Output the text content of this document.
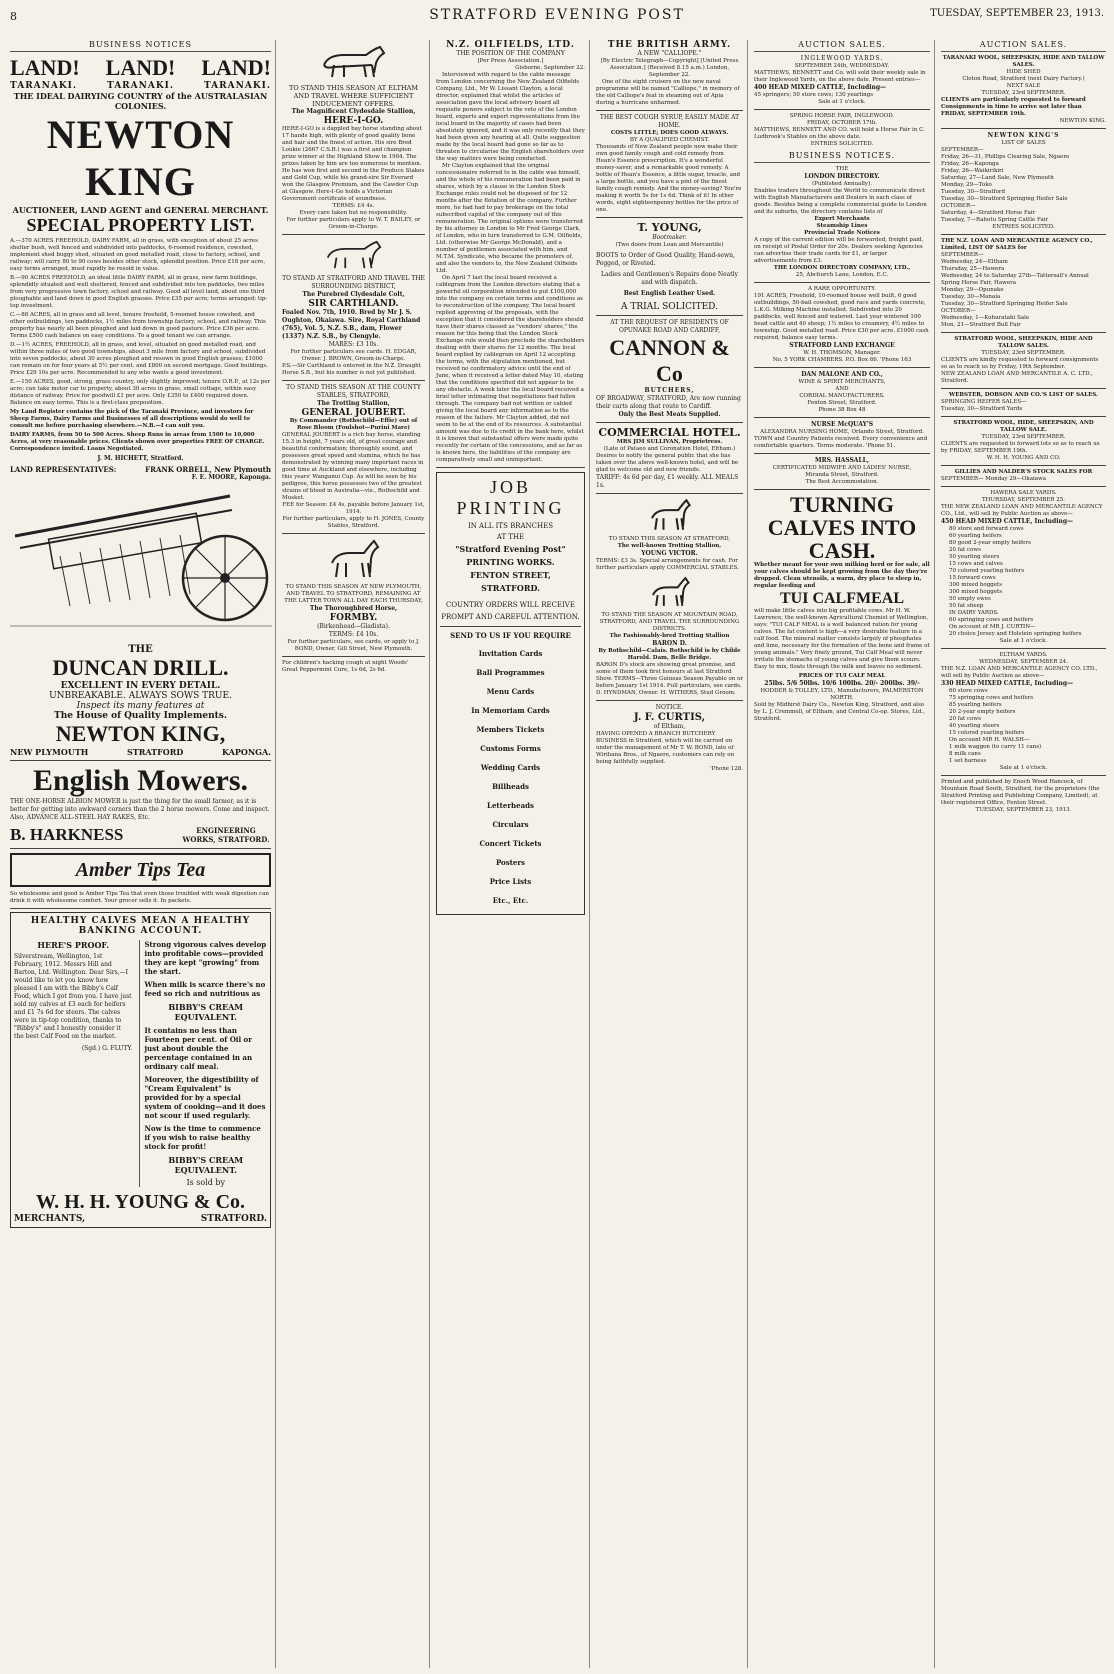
8	STRATFORD EVENING POST	TUESDAY, SEPTEMBER 23, 1913.
BUSINESS NOTICES
LAND! LAND! LAND!
TARANAKI.	TARANAKI.	TARANAKI.
THE IDEAL DAIRYING COUNTRY of the AUSTRALASIAN COLONIES.
NEWTON KING
AUCTIONEER, LAND AGENT and GENERAL MERCHANT.
SPECIAL PROPERTY LIST.

A.—370 ACRES FREEHOLD, DAIRY FARM, all in grass, with exception of about 25 acres shelter bush, well fenced and subdivided into paddocks, 6-roomed residence, cowshed, implement shed buggy shed, situated on good metalled road, close to factory, school, and railway; will carry 80 to 90 cows besides other stock, splendid position. Price £18 per acre, easy terms arranged, must rapidly be resold in value.

B.—90 ACRES FREEHOLD, an ideal little DAIRY FARM, all in grass, new farm buildings, splendidly situated and well sheltered, fenced and subdivided into ten paddocks, two miles from very progressive town factory, school and railway. Good all level land, about one third ploughable and land down in good English grasses. Price £35 per acre; terms arranged; tip-top investment.

C.—88 ACRES, all in grass and all level, tenure freehold, 5-roomed house cowshed, and other outbuildings, ten paddocks, 1½ miles from township factory, school, and railway. This property has nearly all been ploughed and laid down in good pasture. Price £36 per acre. Terms £500 cash balance on easy conditions. To a good tenant we can arrange.

D.—1½ ACRES, FREEHOLD, all in grass, and level, situated on good metalled road, and within three miles of two good townships, about 3 mile from factory and school, subdivided into seven paddocks, about 30 acres ploughed and resown in good English grasses; £1000 can remain on for four years at 5½ per cent. and £800 on second mortgage. Good buildings. Price £29 10s per acre. Recommended to any who wants a good investment.

E.—150 ACRES, good, strong, grass country, only slightly improved; tenure O.R.P., at 12s per acre; can take motor car to property, about 30 acres in grass, small cottage, within easy distance of railway. Price for goodwill £1 per acre. Only £350 to £400 required down. Balance on easy terms. This is a first-class proposition.

My Land Register contains the pick of the Taranaki Province, and investors for Sheep Farms, Dairy Farms and Businesses of all descriptions would do well to consult me before purchasing elsewhere.—N.B.—I can suit you.

DAIRY FARMS, from 50 to 500 Acres. Sheep Runs in areas from 1500 to 10,000 Acres, at very reasonable prices. Clients shown over properties FREE OF CHARGE. Correspondence invited. Loans Negotiated.

J. M. HICHETT, Stratford.
LAND REPRESENTATIVES:	FRANK ORBELL, New Plymouth
F. E. MOORE, Kaponga.
THE
DUNCAN DRILL.
EXCELLENT IN EVERY DETAIL.
UNBREAKABLE. ALWAYS SOWS TRUE.
Inspect its many features at
The House of Quality Implements.
NEWTON KING,
NEW PLYMOUTH	STRATFORD	KAPONGA.
English Mowers.
THE ONE-HORSE ALBION MOWER is just the thing for the small farmer, as it is better for getting into awkward corners than the 2 horse mowers. Come and inspect. Also, ADVANCE ALL-STEEL HAY RAKES, Etc.
B. HARKNESS	ENGINEERING WORKS, STRATFORD.
Amber Tips Tea
So wholesome and good is Amber Tips Tea that even those troubled with weak digestion can drink it with wholesome comfort. Your grocer sells it. In packets.
HEALTHY CALVES MEAN A HEALTHY BANKING ACCOUNT.
HERE'S PROOF.

Silverstream, Wellington, 1st February, 1912. Messrs Hill and Barton, Ltd. Wellington. Dear Sirs,—I would like to let you know how pleased I am with the Bibby's Calf Food, which I got from you. I have just sold my calves at £3 each for heifers and £1 7s 6d for steers. The calves were in tip-top condition, thanks to "Bibby's" and I honestly consider it the best Calf Food on the market.

(Sgd.) G. FLUTY.

Strong vigorous calves develop into profitable cows—provided they are kept "growing" from the start.

When milk is scarce there's no feed so rich and nutritious as

BIBBY'S CREAM EQUIVALENT.

It contains no less than Fourteen per cent. of Oil or just about double the percentage contained in an ordinary calf meal.

Moreover, the digestibility of "Cream Equivalent" is provided for by a special system of cooking—and it does not scour if used regularly.

Now is the time to commence if you wish to raise healthy stock for profit!

BIBBY'S CREAM EQUIVALENT.

Is sold by

W. H. H. YOUNG & Co.
MERCHANTS,	STRATFORD.
TO STAND THIS SEASON AT ELTHAM AND TRAVEL WHERE SUFFICIENT INDUCEMENT OFFERS.
The Magnificent Clydesdale Stallion,
HERE-I-GO.

HERE-I-GO is a dappled bay horse standing about 17 hands high, with plenty of good quality bone and hair and the finest of action. His sire Bred Loukie (2667 C.S.B.) was a first and champion prize winner at the Highland Show in 1904. The prizes taken by him are too numerous to mention. He has won first and second in the Produce Stakes and Gold Cup, while his grand-sire Sir Everard won the Glasgow Premium, and the Cawdor Cup at Glasgow. Here-I-Go holds a Victorian Government certificate of soundness.

TERMS: £4 4s.

Every care taken but no responsibility.

For further particulars apply to W. T. BAILEY, or Groom-in-Charge.

TO STAND AT STRATFORD AND TRAVEL THE SURROUNDING DISTRICT,
The Purebred Clydesdale Colt,
SIR CARTHLAND.

Foaled Nov. 7th, 1910. Bred by Mr J. S. Oughton, Okaiawa. Sire, Royal Carthland (765), Vol. 5, N.Z. S.B., dam, Flower (1337) N.Z. S.B., by Clengyle.

MARES: £3 10s.

For further particulars see cards. H. EDGAR, Owner. J. BROWN, Groom-in-Charge.

P.S.—Sir Carthland is entered in the N.Z. Draught Horse S.B., but his number is not yet published.

TO STAND THIS SEASON AT THE COUNTY STABLES, STRATFORD,
The Trotting Stallion,
GENERAL JOUBERT.

By Commander (Rothschild—Effie) out of Rose Bloom (Foulshot—Purini Mare)

GENERAL JOUBERT is a rich bay horse, standing 15.3 in height, 7 years old, of great courage and beautiful conformation; thoroughly sound, and possesses great speed and stamina, which he has demonstrated by winning many important races in good time at Auckland and elsewhere, including this years' Wanganui Cup. As will be seen by his pedigree, this horse possesses two of the greatest strains of blood in Australia—viz., Rothschild and Musket.

FEE for Season: £4 4s, payable before January 1st, 1914.

For further particulars, apply to H. JONES, County Stables, Stratford.

TO STAND THIS SEASON AT NEW PLYMOUTH, AND TRAVEL TO STRATFORD, REMAINING AT THE LATTER TOWN ALL DAY EACH THURSDAY,
The Thoroughbred Horse,
FORMBY.

(Birkenhead—Gladista).

TERMS: £4 10s.

For further particulars, see cards, or apply to J. BOND, Owner, Gill Street, New Plymouth.

For children's hacking cough at night Woods' Great Peppermint Cure, 1s 6d, 2s 6d.

N.Z. OILFIELDS, LTD.
THE POSITION OF THE COMPANY
[Per Press Association.]
Gisborne, September 22.

Interviewed with regard to the cable message from London concerning the New Zealand Oilfields Company, Ltd., Mr W. Lissant Clayton, a local director, explained that whilst the articles of association gave the local advisory board all requisite powers subject to the veto of the London board, experts and expert representations from the local board in the majority of cases had been absolutely ignored, and it was only recently that they had been given any hearing at all. Quite suggestion made by the local board had gone so far as to threaten to circularise the English shareholders over the way matters were being conducted.

Mr Clayton explained that the original concessionaire referred to in the cable was himself, and the whole of his remuneration had been paid in shares, which by a clause in the London Stock Exchange rules could not be disposed of for 12 months after the flotation of the company. Further more, he had had to pay brokerage on the total subscribed capital of the company out of this remuneration. The original options were transferred by his attorney in London to Mr Fred George Clark, of London, who in turn transferred to G.M. Oilfields, Ltd. (otherwise Mr George McDonald), and a number of gentlemen associated with him, and M.T.M. Syndicate, who became the promoters of, and also the vendors to, the New Zealand Oilfields Ltd.

On April 7 last the local board received a cablegram from the London directors stating that a powerful oil corporation intended to put £100,000 into the company on certain terms and conditions as to reconstruction of the company. The local board replied approving of the proposals, with the exception that it considered the shareholders should have their shares classed as "vendors' shares," the reason for this being that the London Stock Exchange rule would then preclude the shareholders dealing with their shares for 12 months. The local board replied by cablegram on April 12 accepting the terms, with the stipulation mentioned, but received no confirmatory advice until the end of June, when it received a letter dated May 10, stating that the conditions specified did not appear to be any obstacle. A week later the local board received a brief letter intimating that negotiations had fallen through. The company had not written or cabled giving the local board any information as to the reason of the failure. Mr Clayton added, did not seem to be at the end of its resources. A substantial amount was due to its credit in the bank here, whilst it is known that substantial offers were made quite recently for certain of the concessions, and as far as is known here, the liabilities of the company are comparatively small and unimportant.

JOB
PRINTING
IN ALL ITS BRANCHES
AT THE
"Stratford Evening Post"
PRINTING WORKS.
FENTON STREET,
STRATFORD.
COUNTRY ORDERS WILL RECEIVE PROMPT AND CAREFUL ATTENTION.
SEND TO US IF YOU REQUIRE
Invitation Cards
Ball Programmes
Menu Cards
In Memoriam Cards
Members Tickets
Customs Forms
Wedding Cards
Billheads
Letterheads
Circulars
Concert Tickets
Posters
Price Lists
Etc., Etc.
THE BRITISH ARMY.
A NEW "CALLIOPE."

[By Electric Telegraph—Copyright] [United Press Association.] (Received 8.15 a.m.) London, September 22.

One of the eight cruisers on the new naval programme will be named "Calliope," in memory of the old Calliope's feat in steaming out of Apia during a hurricane unharmed.

THE BEST COUGH SYRUP, EASILY MADE AT HOME.
COSTS LITTLE; DOES GOOD ALWAYS.
BY A QUALIFIED CHEMIST.

Thousands of New Zealand people now make their own good family cough and cold remedy from Hean's Essence prescription. It's a wonderful money-saver, and a remarkable good remedy. A bottle of Hean's Essence, a little sugar, treacle, and a large bottle, and you have a pint of the finest family cough remedy. And the money-saving? You're making it worth 5s for 1s 6d. Think of it! In other words, eight eighteenpenny bottles for the price of one.

T. YOUNG,
Bootmaker.
(Two doors from Loan and Mercantile)

BOOTS to Order of Good Quality, Hand-sewn, Pegged, or Riveted.

Ladies and Gentlemen's Repairs done Neatly and with dispatch.

Best English Leather Used.

A TRIAL SOLICITED.

AT THE REQUEST OF RESIDENTS OF OPUNAKE ROAD AND CARDIFF,
CANNON & Co
BUTCHERS,

OF BROADWAY, STRATFORD, Are now running their carts along that route to Cardiff.

Only the Best Meats Supplied.

COMMERCIAL HOTEL.
MRS JIM SULLIVAN, Proprietress.
(Late of Pataeo and Coronation Hotel, Eltham.)

Desires to notify the general public that she has taken over the above well-known hotel, and will be glad to welcome old and new friends.

TARIFF: 4s 6d per day, £1 weekly. ALL MEALS 1s.

TO STAND THIS SEASON AT STRATFORD,
The well-known Trotting Stallion,
YOUNG VICTOR.

TERMS: £3 3s. Special arrangements for cash. For further particulars apply COMMERCIAL STABLES.

TO STAND THE SEASON AT MOUNTAIN ROAD, STRATFORD, AND TRAVEL THE SURROUNDING DISTRICTS.
The Fashionably-bred Trotting Stallion
BARON D.

By Rothschild—Calais. Rothschild is by Childe Harold. Dam, Belle Bridge.

BARON D's stock are showing great promise, and some of them took first honours at last Stratford Show. TERMS—Three Guineas Season Payable on or before January 1st 1914. Full particulars, see cards. D. HYNDMAN, Owner. H. WITHERS, Stud Groom.

NOTICE.
J. F. CURTIS,
of Eltham,

HAVING OPENED A BRANCH BUTCHERY BUSINESS in Stratford, which will be carried on under the management of Mr T. W. BOND, late of Wirihana Bros., of Ngaere, customers can rely on being faithfully supplied.

'Phone 128.

AUCTION SALES.
INGLEWOOD YARDS.
SEPTEMBER 24th, WEDNESDAY.

MATTHEWS, BENNETT and Co. will sold their weekly sale in their Inglewood Yards, on the above date. Present entries—

400 HEAD MIXED CATTLE, Including—

45 springers; 50 store cows; 130 yearlings

Sale at 1 o'clock.

SPRING HORSE FAIR, INGLEWOOD.
FRIDAY, OCTOBER 17th.

MATTHEWS, BENNETT AND CO. will hold a Horse Fair in C. Ludbrook's Stables on the above date.

ENTRIES SOLICITED.

BUSINESS NOTICES.
THE
LONDON DIRECTORY.
(Published Annually).

Enables traders throughout the World to communicate direct with English Manufacturers and Dealers in each class of goods. Besides being a complete commercial guide to London and its suburbs, the directory contains lists of

Expert Merchants

Steamship Lines

Provincial Trade Notices

A copy of the current edition will be forwarded, freight paid, on receipt of Postal Order for 20s. Dealers seeking Agencies can advertise their trade cards for £1, or larger advertisements from £3.

THE LONDON DIRECTORY COMPANY, LTD.,

25, Abchurch Lane, London, E.C.

A RARE OPPORTUNITY.

191 ACRES, Freehold, 10-roomed house well built, 6 good outbuildings, 50-bail cowshed, good race and yards concrete, L.K.G. Milking Machine installed. Subdivided into 20 paddocks, well fenced and watered. Last year wintered 100 head cattle and 40 sheep; 1½ miles to creamery, 4½ miles to township. Good metalled road. Price £30 per acre. £1000 cash required, balance easy terms.

STRATFORD LAND EXCHANGE

W. H. THOMSON, Manager.

No. 5 YORK CHAMBERS. P.O. Box 86. 'Phone 163

DAN MALONE AND CO.,
WINE & SPIRIT MERCHANTS,
AND
CORDIAL MANUFACTURERS.
Fenton Street, Stratford.
Phone 38 Box 48
NURSE McQUAY'S
ALEXANDRA NURSING HOME, Orlando Street, Stratford.

TOWN and Country Patients received. Every convenience and comfortable quarters. Terms moderate. 'Phone 51.

MRS. HASSALL,
CERTIFICATED MIDWIFE AND LADIES' NURSE,
Miranda Street, Stratford.
The Best Accommodation.
TURNING CALVES INTO CASH.

Whether meant for your own milking herd or for sale, all your calves should be kept growing from the day they're dropped. Clean utensils, a warm, dry place to sleep in, regular feeding and

TUI CALFMEAL

will make little calves into big profitable cows. Mr H. W. Lawrence, the well-known Agricultural Chemist of Wellington, says: "TUI CALF MEAL is a well balanced ration for young calves. The fat content is high—a very desirable feature in a calf food. The mineral matter consists largely of phosphates and lime, necessary for the formation of the bone and frame of young animals." Very finely ground, Tui Calf Meal will never irritate the stomachs of young calves and give them scours. Easy to mix, floats through the milk and leaves no sediment.

PRICES OF TUI CALF MEAL
25lbs. 5/6 50lbs. 10/6 100lbs. 20/- 200lbs. 39/-

HODDER & TOLLEY, LTD., Manufacturers, PALMERSTON NORTH.

Sold by Midhirst Dairy Co., Newton King, Stratford, and also by L. J. Cremmell, of Eltham, and Central Co-op. Stores, Ltd., Stratford.

AUCTION SALES.
TARANAKI WOOL, SHEEPSKIN, HIDE AND TALLOW SALES.
HIDE SHED
Cloton Road, Stratford (next Dairy Factory.)
NEXT SALE
TUESDAY, 23rd SEPTEMBER.

CLIENTS are particularly requested to forward Consignments in time to arrive not later than FRIDAY, SEPTEMBER 19th.

NEWTON KING.

NEWTON KING'S
LIST OF SALES
SEPTEMBER—
Friday, 26—31, Phillips Clearing Sale, Ngaere
Friday, 26—Kaponga
Friday, 26—Waikirikiri
Saturday, 27—Land Sale, New Plymouth
Monday, 29—Toko
Tuesday, 30—Stratford
Tuesday, 30—Stratford Springing Heifer Sale
OCTOBER—
Saturday, 4—Stratford Horse Fair
Tuesday, 7—Rahotu Spring Cattle Fair

ENTRIES SOLICITED.

THE N.Z. LOAN AND MERCANTILE AGENCY CO., Limited, LIST OF SALES for

SEPTEMBER—
Wednesday, 24—Eltham
Thursday, 25—Hawera
Wednesday, 24 to Saturday 27th—Tattersall's Annual Spring Horse Fair, Hawera
Monday, 29—Opunake
Tuesday, 30—Manaia
Tuesday, 30—Stratford Springing Heifer Sale
OCTOBER—
Wednesday, 1—Kohuratahi Sale
Mon, 21—Stratford Bull Fair
STRATFORD WOOL, SHEEPSKIN, HIDE AND TALLOW SALES.
TUESDAY, 23rd SEPTEMBER.

CLIENTS are kindly requested to forward consignments so as to reach us by Friday, 19th September.

NEW ZEALAND LOAN AND MERCANTILE A. C. LTD., Stratford.

WEBSTER, DOBSON AND CO.'S LIST OF SALES.
SPRINGING HEIFER SALES—
Tuesday, 30—Stratford Yards
STRATFORD WOOL, HIDE, SHEEPSKIN, AND TALLOW SALE.
TUESDAY, 23rd SEPTEMBER.

CLIENTS are requested to forward lots so as to reach us by FRIDAY, SEPTEMBER 19th.

W. H. H. YOUNG AND CO.

GILLIES AND NALDER'S STOCK SALES FOR
SEPTEMBER— Monday 29—Okaiawa
HAWERA SALE YARDS.
THURSDAY, SEPTEMBER 25.

THE NEW ZEALAND LOAN AND MERCANTILE AGENCY CO., Ltd., will sell by Public Auction as above—

450 HEAD MIXED CATTLE, Including—

80 store and forward cows
60 yearling heifers
80 good 2-year empty heifers
20 fat cows
50 yearling steers
15 cows and calves
70 colored yearling heifers
15 forward cows
300 mixed hoggets
300 mixed hoggets
50 empty ewes
50 fat sheep
IN DAIRY YARDS.
60 springing cows and heifers
On account of MR J. CURTIN—
20 choice Jersey and Holstein springing heifers

Sale at 1 o'clock.

ELTHAM YARDS.
WEDNESDAY, SEPTEMBER 24.

THE N.Z. LOAN AND MERCANTILE AGENCY CO. LTD., will sell by Public Auction as above—

330 HEAD MIXED CATTLE, Including—

60 store cows
75 springing cows and heifers
85 yearling heifers
20 2-year empty heifers
20 fat cows
40 yearling steers
15 colored yearling heifers
On account MR H. WALSH—
1 milk waggon (to carry 11 cans)
8 milk cans
1 set harness

Sale at 1 o'clock.

Printed and published by Enoch Wood Hancock, of Mountain Road South, Stratford, for the proprietors (the Stratford Printing and Publishing Company, Limited), at their registered Office, Fenton Street.

TUESDAY, SEPTEMBER 23, 1913.
